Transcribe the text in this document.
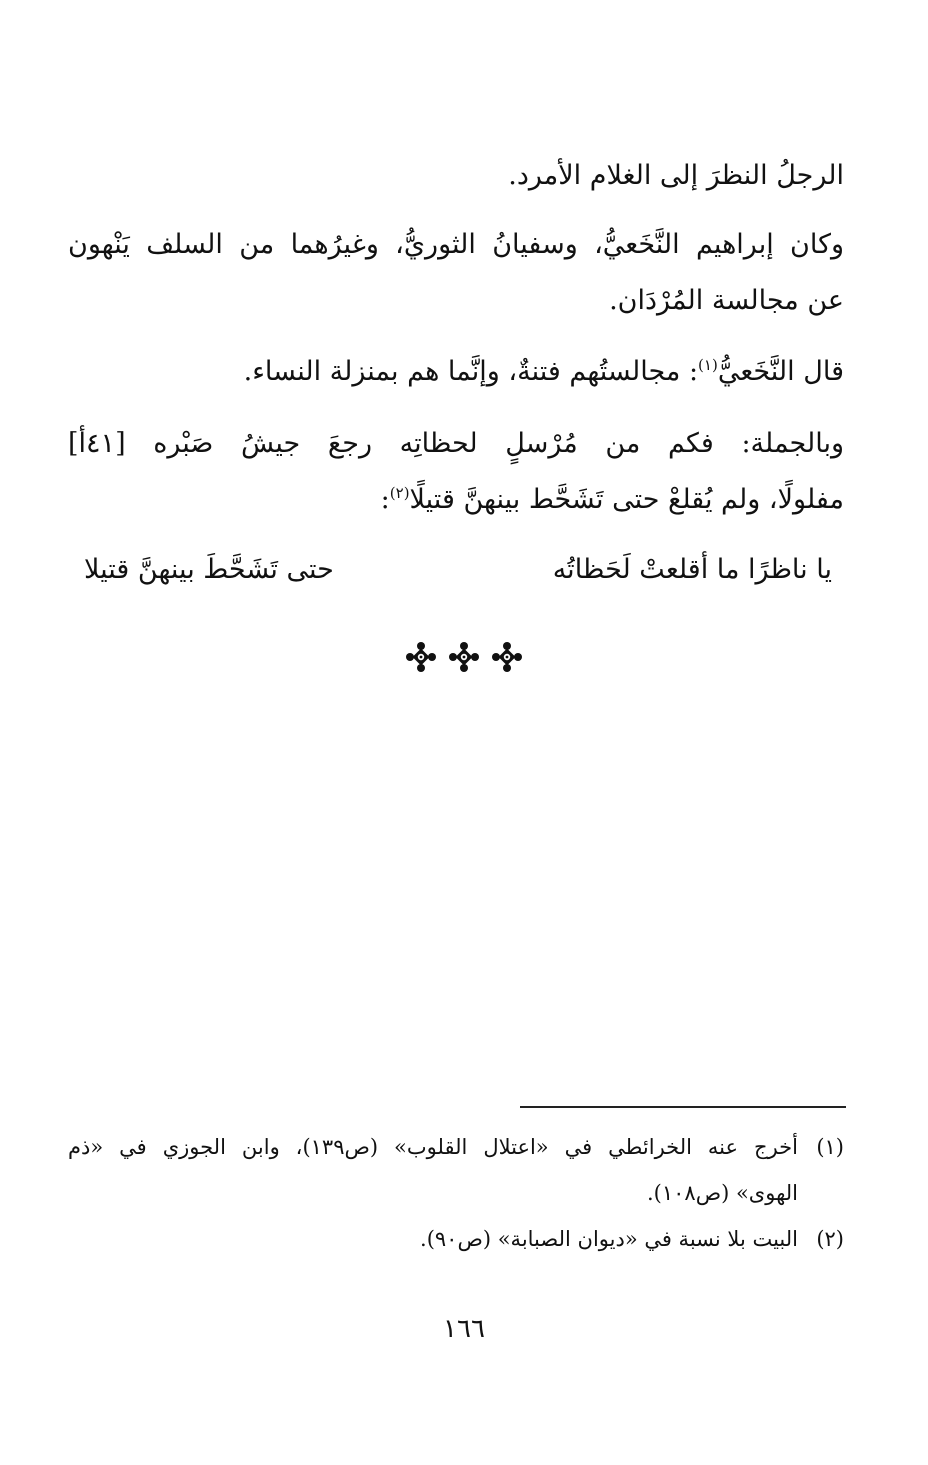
الرجلُ النظرَ إلى الغلام الأمرد.
وكان إبراهيم النَّخَعيُّ، وسفيانُ الثوريُّ، وغيرُهما من السلف يَنْهون
عن مجالسة المُرْدَان.
قال النَّخَعيُّ$^{(١)}$: مجالستُهم فتنةٌ، وإنَّما هم بمنزلة النساء.
وبالجملة: فكم من مُرْسلٍ لحظاتِه رجعَ جيشُ صَبْره [٤١أ]
مفلولًا، ولم يُقلعْ حتى تَشَحَّط بينهنَّ قتيلًا$^{(٢)}$:
يا ناظرًا ما أقلعتْ لَحَظاتُه
حتى تَشَحَّطَ بينهنَّ قتيلا

(١)أخرج عنه الخرائطي في «اعتلال القلوب» (ص١٣٩)، وابن الجوزي في «ذم
الهوى» (ص١٠٨).
(٢)البيت بلا نسبة في «ديوان الصبابة» (ص٩٠).
١٦٦
